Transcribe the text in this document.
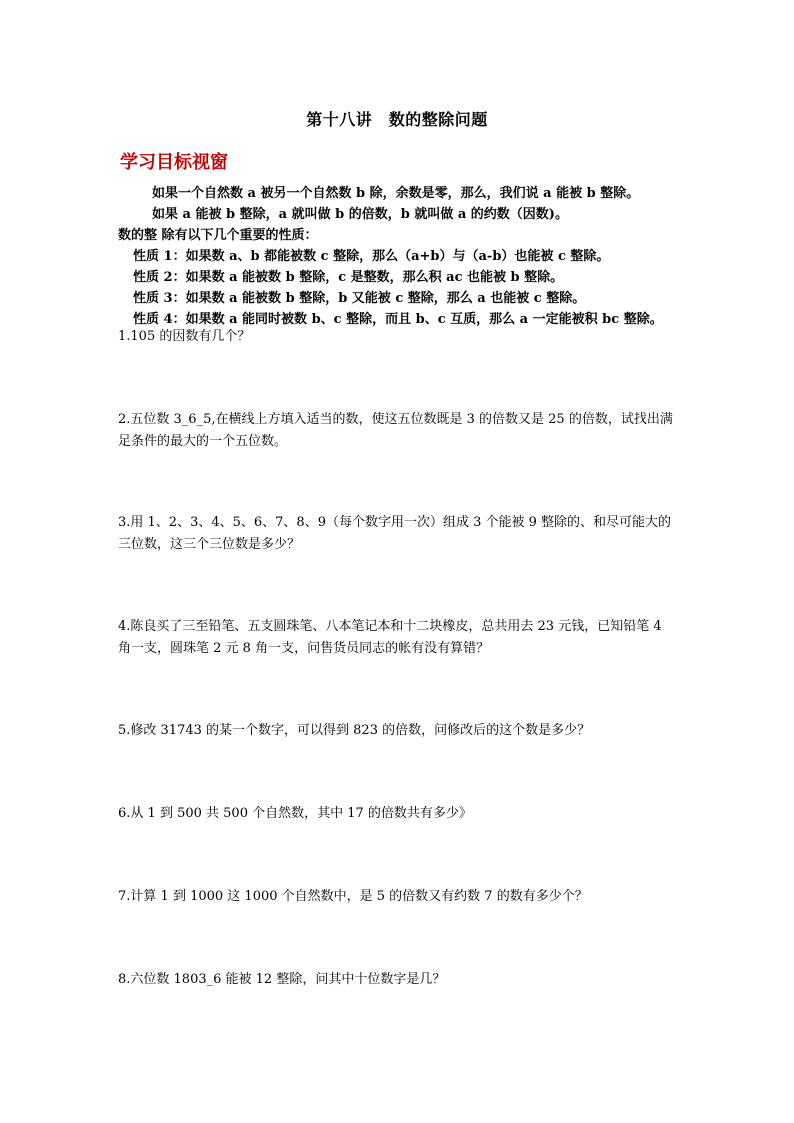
第十八讲　数的整除问题
学习目标视窗
如果一个自然数 a 被另一个自然数 b 除，余数是零，那么，我们说 a 能被 b 整除。
如果 a 能被 b 整除，a 就叫做 b 的倍数，b 就叫做 a 的约数（因数)。
数的整 除有以下几个重要的性质：
性质 1：如果数 a、b 都能被数 c 整除，那么（a+b）与（a-b）也能被 c 整除。
性质 2：如果数 a 能被数 b 整除，c 是整数，那么积 ac 也能被 b 整除。
性质 3：如果数 a 能被数 b 整除，b 又能被 c 整除，那么 a 也能被 c 整除。
性质 4：如果数 a 能同时被数 b、c 整除，而且 b、c 互质，那么 a 一定能被积 bc 整除。
1.105 的因数有几个？
2.五位数 3_6_5,在横线上方填入适当的数，使这五位数既是 3 的倍数又是 25 的倍数，试找出满足条件的最大的一个五位数。
3.用 1、2、3、4、5、6、7、8、9（每个数字用一次）组成 3 个能被 9 整除的、和尽可能大的三位数，这三个三位数是多少？
4.陈良买了三至铅笔、五支圆珠笔、八本笔记本和十二块橡皮，总共用去 23 元钱，已知铅笔 4 角一支，圆珠笔 2 元 8 角一支，问售货员同志的帐有没有算错？
5.修改 31743 的某一个数字，可以得到 823 的倍数，问修改后的这个数是多少？
6.从 1 到 500 共 500 个自然数，其中 17 的倍数共有多少》
7.计算 1 到 1000 这 1000 个自然数中，是 5 的倍数又有约数 7 的数有多少个？
8.六位数 1803_6 能被 12 整除，问其中十位数字是几？
